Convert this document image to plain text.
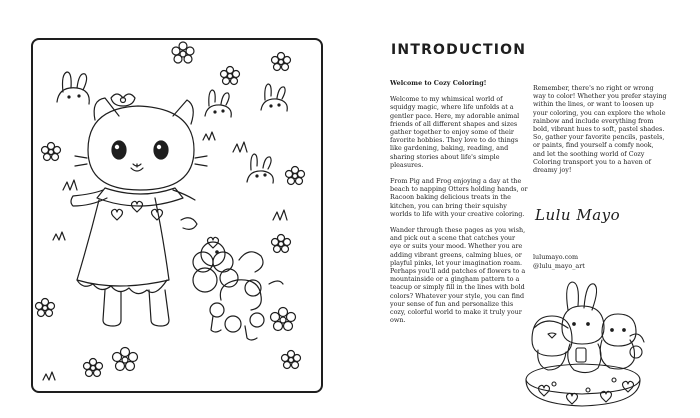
INTRODUCTION

Welcome to Cozy Coloring!

Welcome to my whimsical world of squidgy magic, where life unfolds at a gentler pace. Here, my adorable animal friends of all different shapes and sizes gather together to enjoy some of their favorite hobbies. They love to do things like gardening, baking, reading, and sharing stories about life's simple pleasures.

From Pig and Frog enjoying a day at the beach to napping Otters holding hands, or Racoon baking delicious treats in the kitchen, you can bring their squishy worlds to life with your creative coloring.

Wander through these pages as you wish, and pick out a scene that catches your eye or suits your mood. Whether you are adding vibrant greens, calming blues, or playful pinks, let your imagination roam. Perhaps you'll add patches of flowers to a mountainside or a gingham pattern to a teacup or simply fill in the lines with bold colors? Whatever your style, you can find your sense of fun and personalize this cozy, colorful world to make it truly your own.

Remember, there's no right or wrong way to color! Whether you prefer staying within the lines, or want to loosen up your coloring, you can explore the whole rainbow and include everything from bold, vibrant hues to soft, pastel shades. So, gather your favorite pencils, pastels, or paints, find yourself a comfy nook, and let the soothing world of Cozy Coloring transport you to a haven of dreamy joy!

Lulu Mayo
lulumayo.com
@lulu_mayo_art
